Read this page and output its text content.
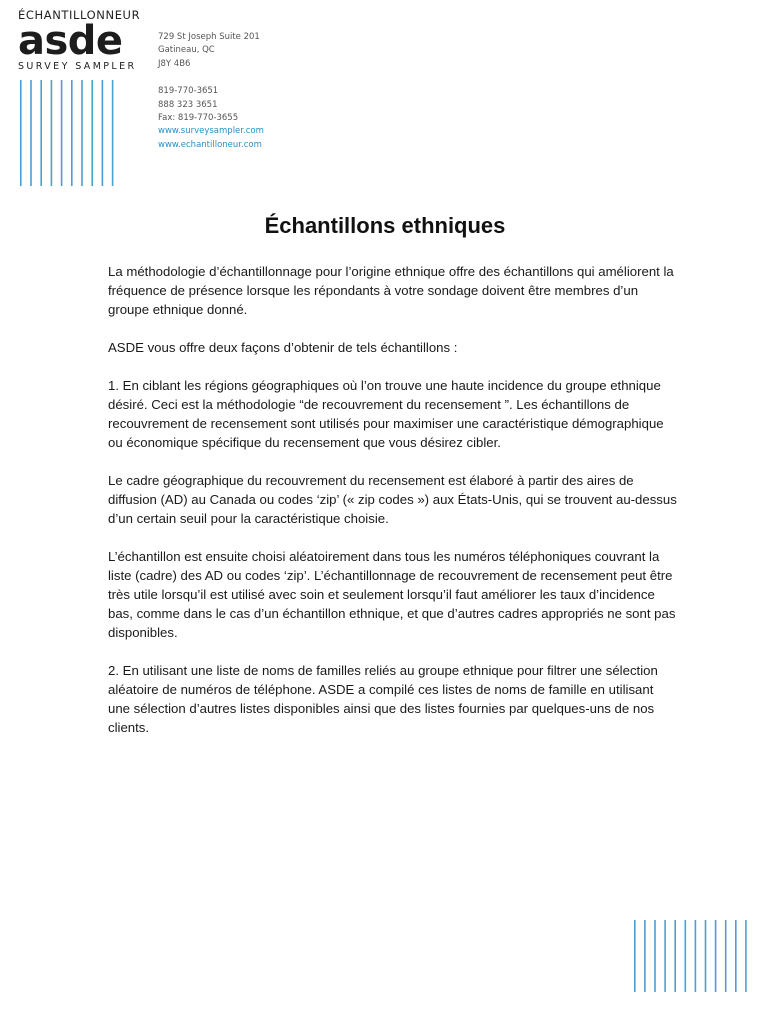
ÉCHANTILLONNEUR
asde
SURVEY SAMPLER
729 St Joseph Suite 201
Gatineau, QC
J8Y 4B6
819-770-3651
888 323 3651
Fax: 819-770-3655
www.surveysampler.com
www.echantilloneur.com
Échantillons ethniques

La méthodologie d’échantillonnage pour l’origine ethnique offre des échantillons qui améliorent la fréquence de présence lorsque les répondants à votre sondage doivent être membres d’un groupe ethnique donné.

ASDE vous offre deux façons d’obtenir de tels échantillons :

1. En ciblant les régions géographiques où l’on trouve une haute incidence du groupe ethnique désiré. Ceci est la méthodologie “de recouvrement du recensement ”. Les échantillons de recouvrement de recensement sont utilisés pour maximiser une caractéristique démographique ou économique spécifique du recensement que vous désirez cibler.

Le cadre géographique du recouvrement du recensement est élaboré à partir des aires de diffusion (AD) au Canada ou codes ‘zip’ (« zip codes ») aux États-Unis, qui se trouvent au-dessus d’un certain seuil pour la caractéristique choisie.

L’échantillon est ensuite choisi aléatoirement dans tous les numéros téléphoniques couvrant la liste (cadre) des AD ou codes ‘zip’. L’échantillonnage de recouvrement de recensement peut être très utile lorsqu’il est utilisé avec soin et seulement lorsqu’il faut améliorer les taux d’incidence bas, comme dans le cas d’un échantillon ethnique, et que d’autres cadres appropriés ne sont pas disponibles.

2. En utilisant une liste de noms de familles reliés au groupe ethnique pour filtrer une sélection aléatoire de numéros de téléphone. ASDE a compilé ces listes de noms de famille en utilisant une sélection d’autres listes disponibles ainsi que des listes fournies par quelques-uns de nos clients.
